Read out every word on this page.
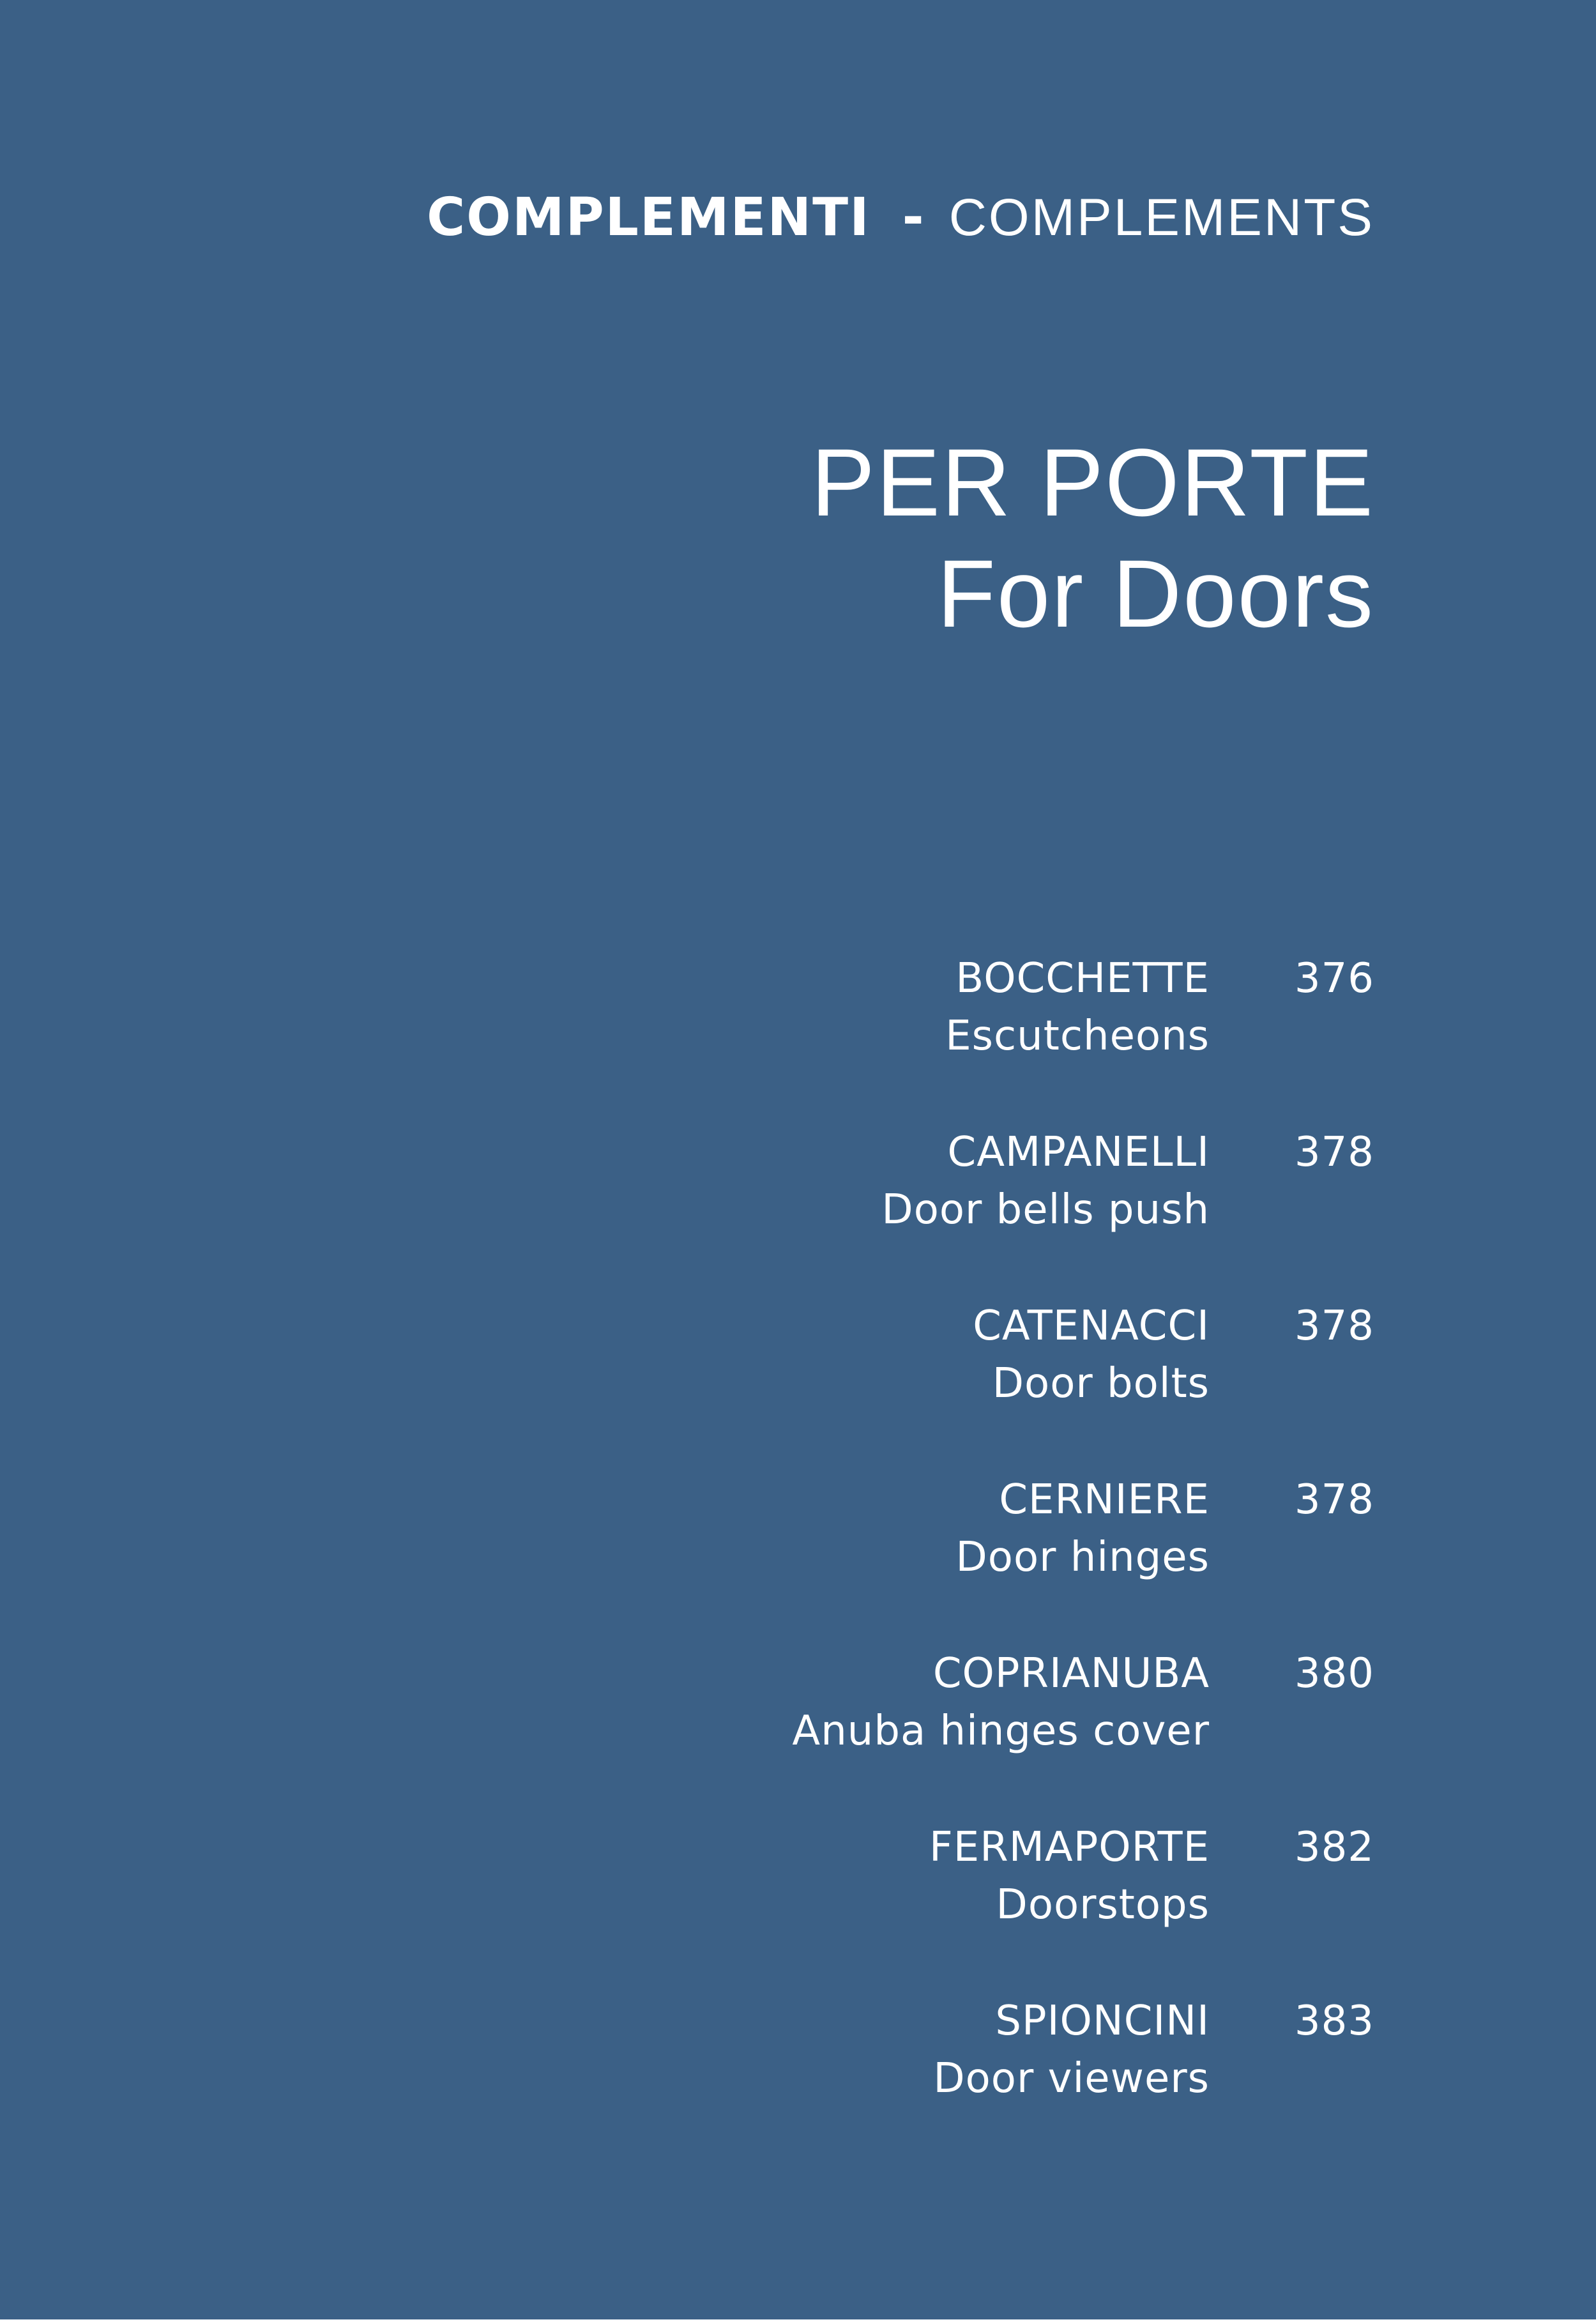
COMPLEMENTI - COMPLEMENTS
PER PORTE
For Doors
BOCCHETTE
Escutcheons
376
CAMPANELLI
Door bells push
378
CATENACCI
Door bolts
378
CERNIERE
Door hinges
378
COPRIANUBA
Anuba hinges cover
380
FERMAPORTE
Doorstops
382
SPIONCINI
Door viewers
383
